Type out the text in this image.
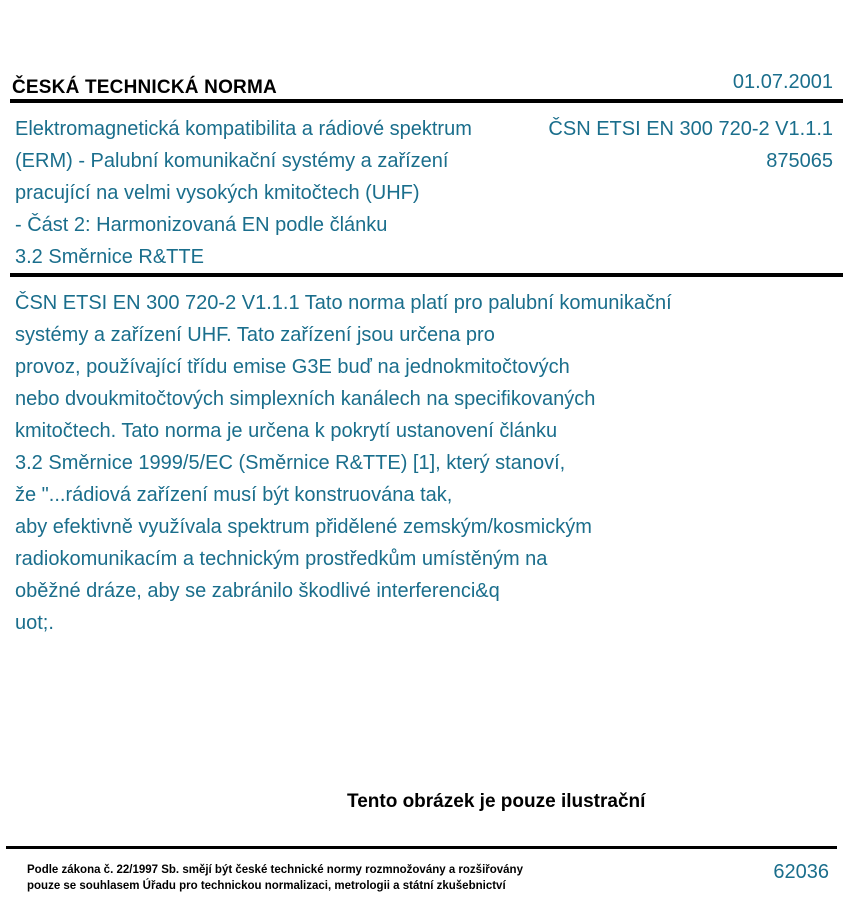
ČESKÁ TECHNICKÁ NORMA	01.07.2001
Elektromagnetická kompatibilita a rádiové spektrum
(ERM) - Palubní komunikační systémy a zařízení
pracující na velmi vysokých kmitočtech (UHF)
- Část 2: Harmonizovaná EN podle článku
3.2 Směrnice R&TTE
ČSN ETSI EN 300 720-2 V1.1.1
875065
ČSN ETSI EN 300 720-2 V1.1.1 Tato norma platí pro palubní komunikační
systémy a zařízení UHF. Tato zařízení jsou určena pro
provoz, používající třídu emise G3E buď na jednokmitočtových
nebo dvoukmitočtových simplexních kanálech na specifikovaných
kmitočtech. Tato norma je určena k pokrytí ustanovení článku
3.2 Směrnice 1999/5/EC (Směrnice R&TTE) [1], který stanoví,
že "...rádiová zařízení musí být konstruována tak,
aby efektivně využívala spektrum přidělené zemským/kosmickým
radiokomunikacím a technickým prostředkům umístěným na
oběžné dráze, aby se zabránilo škodlivé interferenci&q
uot;.
Tento obrázek je pouze ilustrační
Podle zákona č. 22/1997 Sb. smějí být české technické normy rozmnožovány a rozšiřovány
pouze se souhlasem Úřadu pro technickou normalizaci, metrologii a státní zkušebnictví
62036
